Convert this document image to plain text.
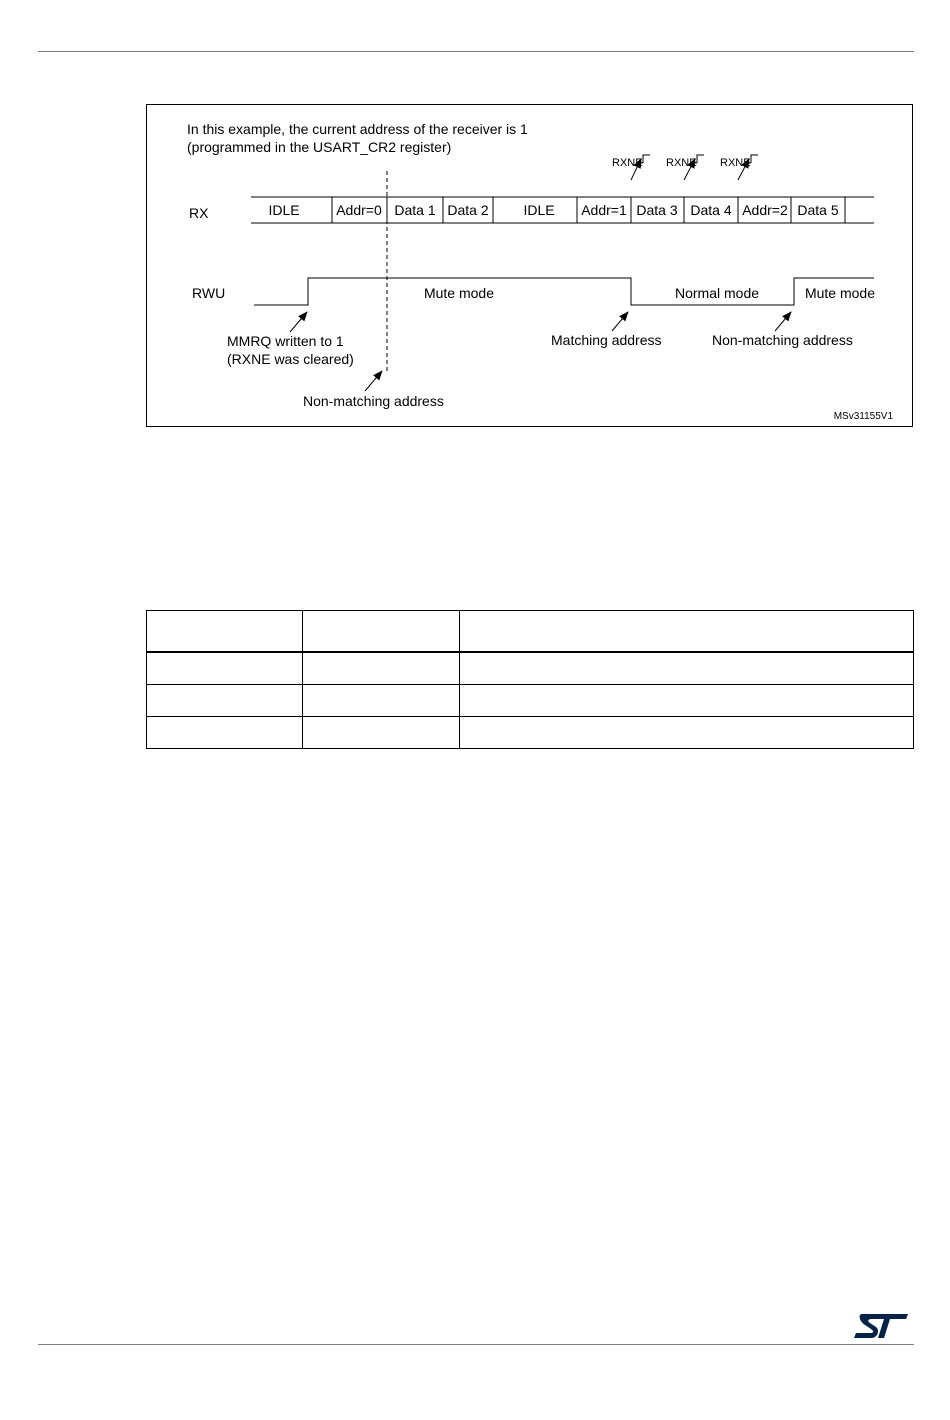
In this example, the current address of the receiver is 1
(programmed in the USART_CR2 register)
RX
RWU
IDLE	Addr=0 Data 1 Data 2 IDLE Addr=1 Data 3 Data 4 Addr=2 Data 5
RXNE RXNE RXNE
Mute mode	Normal mode	Mute mode
MMRQ written to 1
(RXNE was cleared)
Non-matching address
Matching address	Non-matching address
MSv31155V1
